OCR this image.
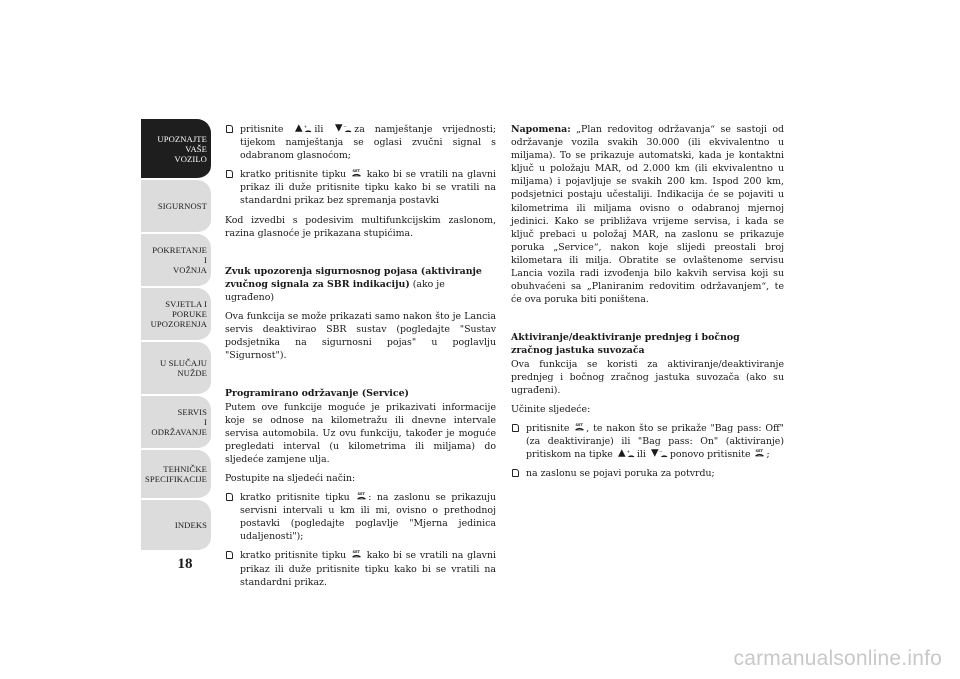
UPOZNAJTE
VAŠE
VOZILO
SIGURNOST
POKRETANJE
I
VOŽNJA
SVJETLA I
PORUKE
UPOZORENJA
U SLUČAJU
NUŽDE
SERVIS
I
ODRŽAVANJE
TEHNIČKE
SPECIFIKACIJE
INDEKS
18
pritisnite	ili	za namještanje vrijednosti; tijekom namještanja se oglasi zvučni signal s odabranom glasnoćom;
kratko pritisnite tipku kako bi se vratili na glavni prikaz ili duže pritisnite tipku kako bi se vratili na standardni prikaz bez spremanja postavki

Kod izvedbi s podesivim multifunkcijskim zaslonom, razina glasnoće je prikazana stupićima.

Zvuk upozorenja sigurnosnog pojasa (aktiviranje zvučnog signala za SBR indikaciju) (ako je ugrađeno)

Ova funkcija se može prikazati samo nakon što je Lancia servis deaktivirao SBR sustav (pogledajte "Sustav podsjetnika na sigurnosni pojas" u poglavlju "Sigurnost").

Programirano održavanje (Service)

Putem ove funkcije moguće je prikazivati informacije koje se odnose na kilometražu ili dnevne intervale servisa automobila. Uz ovu funkciju, također je moguće pregledati interval (u kilometrima ili miljama) do sljedeće zamjene ulja.

Postupite na sljedeći način:

kratko pritisnite tipku : na zaslonu se prikazuju servisni intervali u km ili mi, ovisno o prethodnoj postavki (pogledajte poglavlje "Mjerna jedinica udaljenosti");
kratko pritisnite tipku kako bi se vratili na glavni prikaz ili duže pritisnite tipku kako bi se vratili na standardni prikaz.

Napomena: „Plan redovitog održavanja“ se sastoji od održavanje vozila svakih 30.000 (ili ekvivalentno u miljama). To se prikazuje automatski, kada je kontaktni ključ u položaju MAR, od 2.000 km (ili ekvivalentno u miljama) i pojavljuje se svakih 200 km. Ispod 200 km, podsjetnici postaju učestaliji. Indikacija će se pojaviti u kilometrima ili miljama ovisno o odabranoj mjernoj jedinici. Kako se približava vrijeme servisa, i kada se ključ prebaci u položaj MAR, na zaslonu se prikazuje poruka „Service“, nakon koje slijedi preostali broj kilometara ili milja. Obratite se ovlaštenome servisu Lancia vozila radi izvođenja bilo kakvih servisa koji su obuhvaćeni sa „Planiranim redovitim održavanjem“, te će ova poruka biti poništena.

Aktiviranje/deaktiviranje prednjeg i bočnog zračnog jastuka suvozača

Ova funkcija se koristi za aktiviranje/deaktiviranje prednjeg i bočnog zračnog jastuka suvozača (ako su ugrađeni).

Učinite sljedeće:

pritisnite , te nakon što se prikaže "Bag pass: Off" (za deaktiviranje) ili "Bag pass: On" (aktiviranje) pritiskom na tipke	ili	ponovo pritisnite ;
na zaslonu se pojavi poruka za potvrdu;
carmanualsonline.info
